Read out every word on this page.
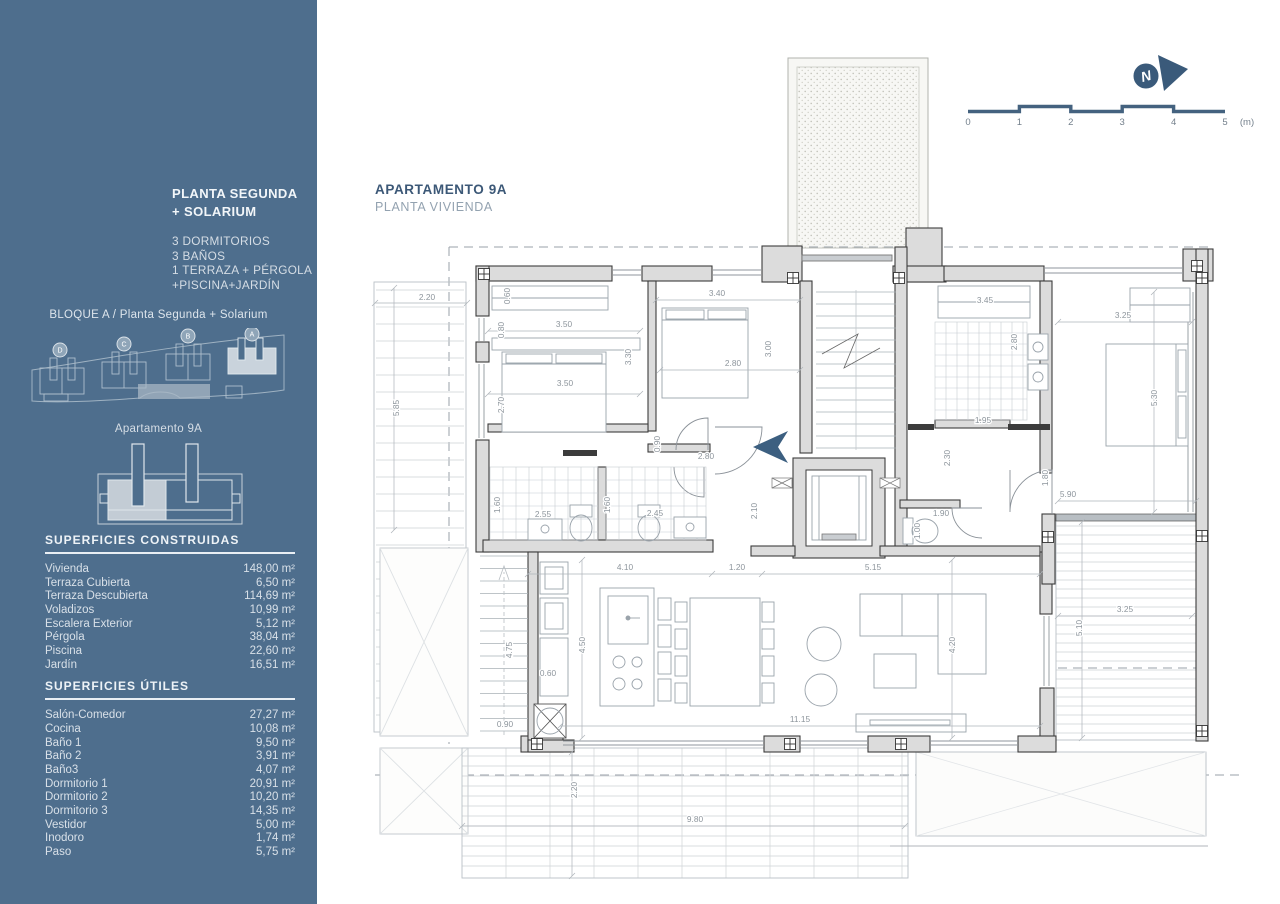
2.20
5.85
0.60
0.80	3.50
3.50
2.70
3.30
3.40
2.80
3.00
0.90
2.80
1.60
2.55
1.60	2.45	2.10
1.20
4.10	5.15
4.50
0.60
4.75
0.90
2.20
9.80
11.15
4.20
3.45
2.80
1.95
2.30
1.90
1.00
1.80
5.90
3.25
5.30
3.25
5.10
N
0	1	2	3	4	5 (m)
PLANTA SEGUNDA + SOLARIUM
3 DORMITORIOS
3 BAÑOS
1 TERRAZA + PÉRGOLA
+PISCINA+JARDÍN
BLOQUE A / Planta Segunda + Solarium
D
C
B	A
Apartamento 9A
SUPERFICIES CONSTRUIDAS
Vivienda	148,00 m²
Terraza Cubierta	6,50 m²
Terraza Descubierta	114,69 m²
Voladizos	10,99 m²
Escalera Exterior	5,12 m²
Pérgola	38,04 m²
Piscina	22,60 m²
Jardín	16,51 m²
SUPERFICIES ÚTILES
Salón-Comedor	27,27 m²
Cocina	10,08 m²
Baño 1	9,50 m²
Baño 2	3,91 m²
Baño3	4,07 m²
Dormitorio 1	20,91 m²
Dormitorio 2	10,20 m²
Dormitorio 3	14,35 m²
Vestidor	5,00 m²
Inodoro	1,74 m²
Paso	5,75 m²
APARTAMENTO 9A
PLANTA VIVIENDA
